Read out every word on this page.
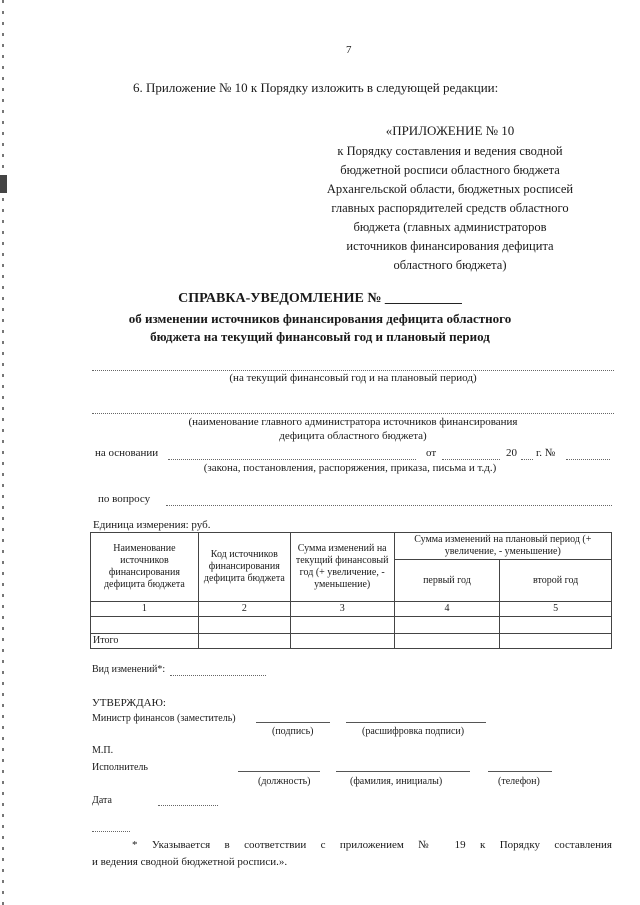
7
6. Приложение № 10 к Порядку изложить в следующей редакции:
«ПРИЛОЖЕНИЕ № 10
к Порядку составления и ведения сводной
бюджетной росписи областного бюджета
Архангельской области, бюджетных росписей
главных распорядителей средств областного
бюджета (главных администраторов
источников финансирования дефицита
областного бюджета)
СПРАВКА-УВЕДОМЛЕНИЕ № ___________
об изменении источников финансирования дефицита областного
бюджета на текущий финансовый год и плановый период
(на текущий финансовый год и на плановый период)
(наименование главного администратора источников финансирования
дефицита областного бюджета)
на основании	от	20 г. №
(закона, постановления, распоряжения, приказа, письма и т.д.)
по вопросу
Единица измерения: руб.
Наименование источников финансирования дефицита бюджета	Код источников финансирования дефицита бюджета	Сумма изменений на текущий финансовый год (+ увеличение, - уменьшение)	Сумма изменений на плановый период (+ увеличение, - уменьшение)	
			первый год	второй год
1	2	3	4	5

Итого				
Вид изменений*:
УТВЕРЖДАЮ:
Министр финансов (заместитель)
(подпись)	(расшифровка подписи)
М.П.
Исполнитель
(должность)	(фамилия, инициалы)	(телефон)
Дата
* Указывается в соответствии с приложением № 19 к Порядку составления
и ведения сводной бюджетной росписи.».
